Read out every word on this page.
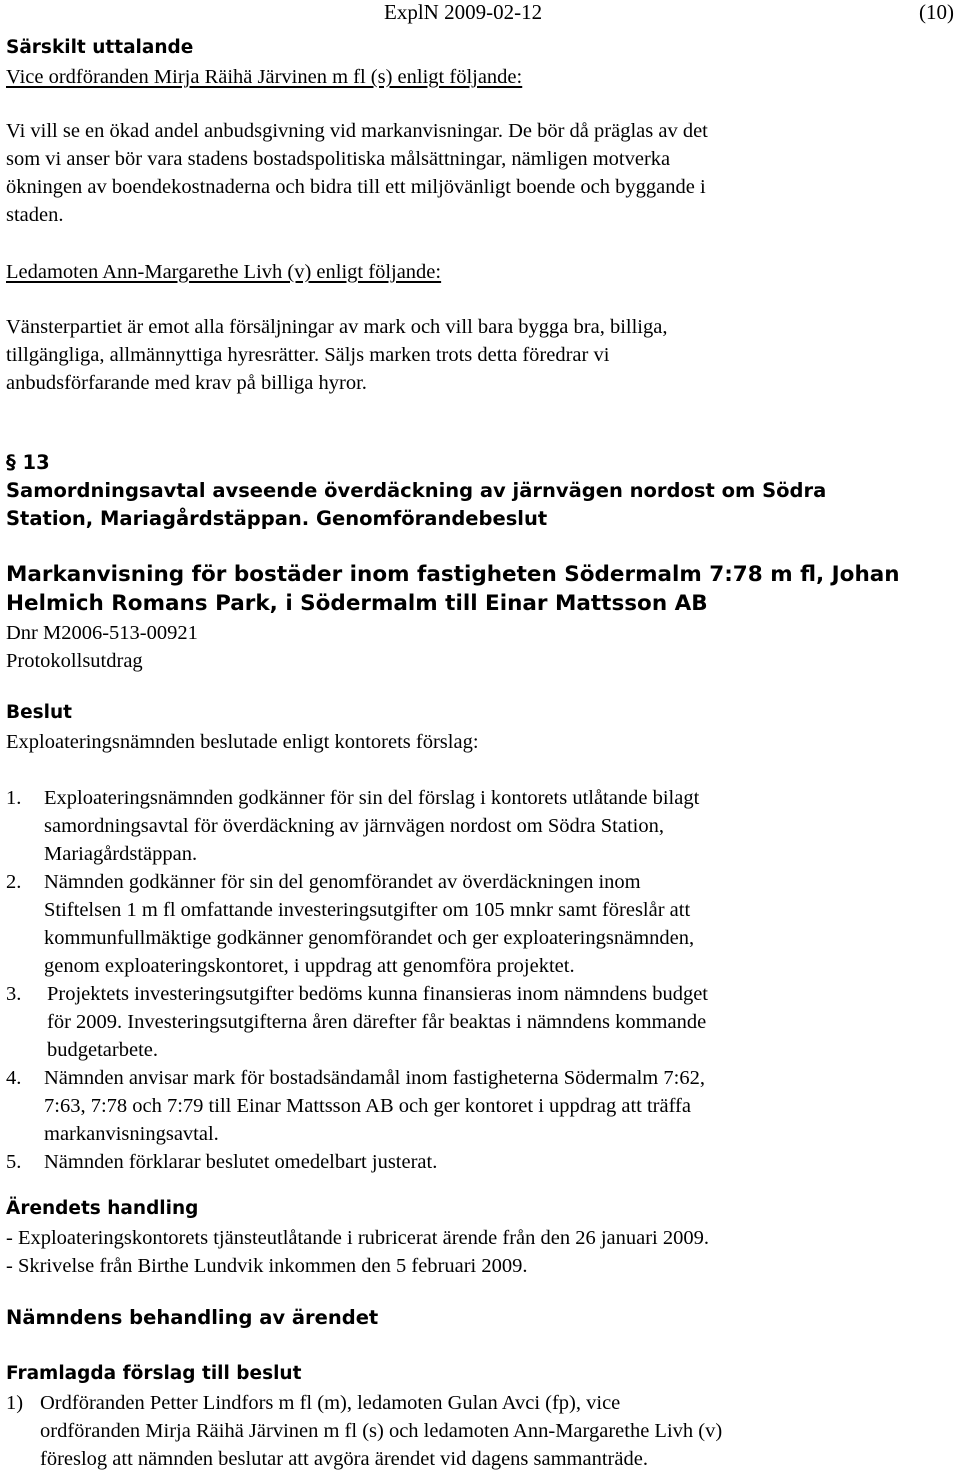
ExplN 2009-02-12	(10)
Särskilt uttalande
Vice ordföranden Mirja Räihä Järvinen m fl (s) enligt följande:
Vi vill se en ökad andel anbudsgivning vid markanvisningar. De bör då präglas av det
som vi anser bör vara stadens bostadspolitiska målsättningar, nämligen motverka
ökningen av boendekostnaderna och bidra till ett miljövänligt boende och byggande i
staden.
Ledamoten Ann-Margarethe Livh (v) enligt följande:
Vänsterpartiet är emot alla försäljningar av mark och vill bara bygga bra, billiga,
tillgängliga, allmännyttiga hyresrätter. Säljs marken trots detta föredrar vi
anbudsförfarande med krav på billiga hyror.
§ 13
Samordningsavtal avseende överdäckning av järnvägen nordost om Södra
Station, Mariagårdstäppan. Genomförandebeslut
Markanvisning för bostäder inom fastigheten Södermalm 7:78 m fl, Johan
Helmich Romans Park, i Södermalm till Einar Mattsson AB
Dnr M2006-513-00921
Protokollsutdrag
Beslut
Exploateringsnämnden beslutade enligt kontorets förslag:
1. Exploateringsnämnden godkänner för sin del förslag i kontorets utlåtande bilagt
samordningsavtal för överdäckning av järnvägen nordost om Södra Station,
Mariagårdstäppan.
2. Nämnden godkänner för sin del genomförandet av överdäckningen inom
Stiftelsen 1 m fl omfattande investeringsutgifter om 105 mnkr samt föreslår att
kommunfullmäktige godkänner genomförandet och ger exploateringsnämnden,
genom exploateringskontoret, i uppdrag att genomföra projektet.
3. Projektets investeringsutgifter bedöms kunna finansieras inom nämndens budget
för 2009. Investeringsutgifterna åren därefter får beaktas i nämndens kommande
budgetarbete.
4. Nämnden anvisar mark för bostadsändamål inom fastigheterna Södermalm 7:62,
7:63, 7:78 och 7:79 till Einar Mattsson AB och ger kontoret i uppdrag att träffa
markanvisningsavtal.
5. Nämnden förklarar beslutet omedelbart justerat.
Ärendets handling
- Exploateringskontorets tjänsteutlåtande i rubricerat ärende från den 26 januari 2009.
- Skrivelse från Birthe Lundvik inkommen den 5 februari 2009.
Nämndens behandling av ärendet
Framlagda förslag till beslut
1) Ordföranden Petter Lindfors m fl (m), ledamoten Gulan Avci (fp), vice
ordföranden Mirja Räihä Järvinen m fl (s) och ledamoten Ann-Margarethe Livh (v)
föreslog att nämnden beslutar att avgöra ärendet vid dagens sammanträde.
